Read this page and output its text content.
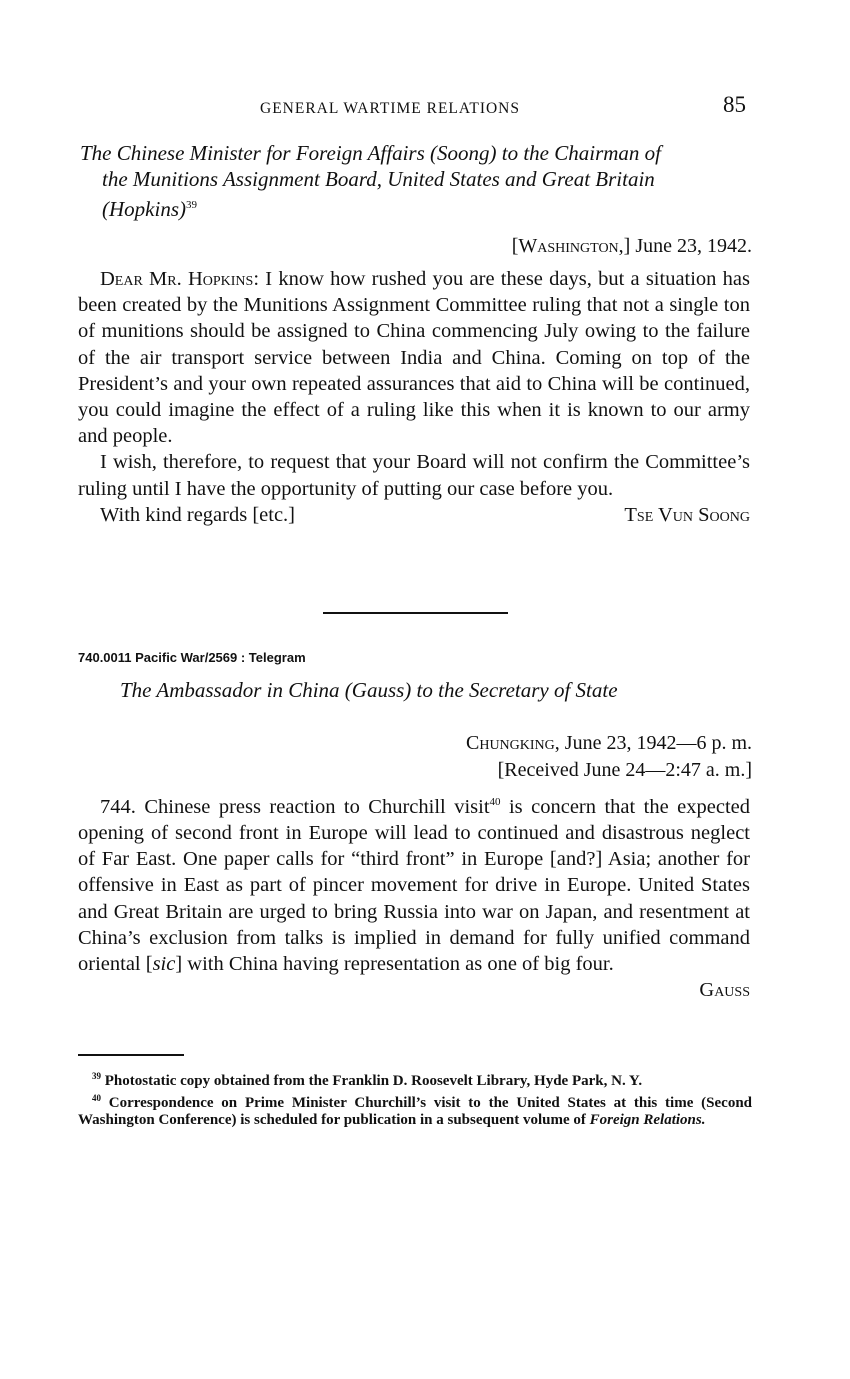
GENERAL WARTIME RELATIONS	85
The Chinese Minister for Foreign Affairs (Soong) to the Chairman of
the Munitions Assignment Board, United States and Great Britain
(Hopkins)$^{39}$
[Washington,] June 23, 1942.

Dear Mr. Hopkins: I know how rushed you are these days, but a situation has been created by the Munitions Assignment Committee ruling that not a single ton of munitions should be assigned to China commencing July owing to the failure of the air transport service between India and China. Coming on top of the President’s and your own repeated assurances that aid to China will be continued, you could imagine the effect of a ruling like this when it is known to our army and people.

I wish, therefore, to request that your Board will not confirm the Committee’s ruling until I have the opportunity of putting our case before you.

With kind regards [etc.]	Tse Vun Soong
740.0011 Pacific War/2569 : Telegram
The Ambassador in China (Gauss) to the Secretary of State
Chungking, June 23, 1942—6 p. m.
[Received June 24—2:47 a. m.]

744. Chinese press reaction to Churchill visit$^{40}$ is concern that the expected opening of second front in Europe will lead to continued and disastrous neglect of Far East. One paper calls for “third front” in Europe [and?] Asia; another for offensive in East as part of pincer movement for drive in Europe. United States and Great Britain are urged to bring Russia into war on Japan, and resentment at China’s exclusion from talks is implied in demand for fully unified command oriental [sic] with China having representation as one of big four.

Gauss

$^{39}$ Photostatic copy obtained from the Franklin D. Roosevelt Library, Hyde Park, N. Y.

$^{40}$ Correspondence on Prime Minister Churchill’s visit to the United States at this time (Second Washington Conference) is scheduled for publication in a subsequent volume of Foreign Relations.
